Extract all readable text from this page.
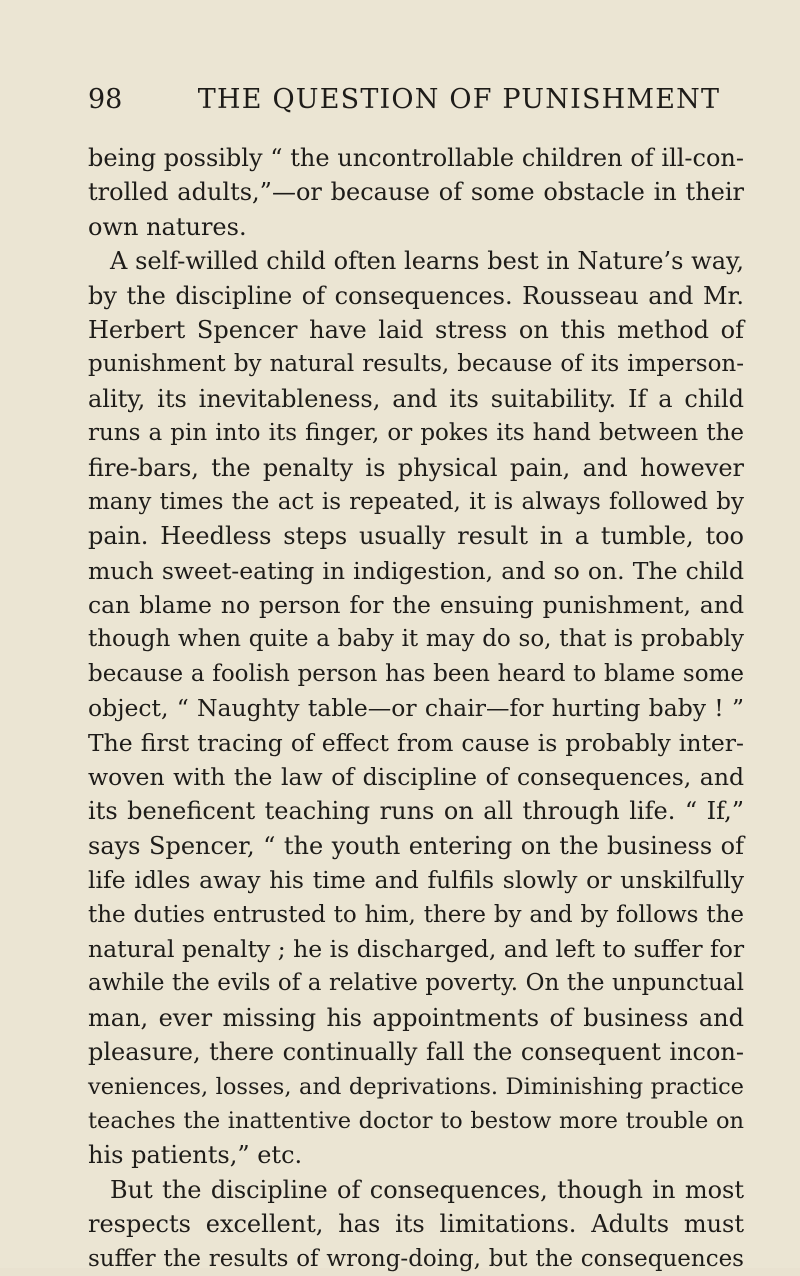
98	THE QUESTION OF PUNISHMENT
being possibly “ the uncontrollable children of ill-con-
trolled adults,”—or because of some obstacle in their
own natures.
A self-willed child often learns best in Nature’s way,
by the discipline of consequences. Rousseau and Mr.
Herbert Spencer have laid stress on this method of
punishment by natural results, because of its imperson-
ality, its inevitableness, and its suitability. If a child
runs a pin into its finger, or pokes its hand between the
fire-bars, the penalty is physical pain, and however
many times the act is repeated, it is always followed by
pain. Heedless steps usually result in a tumble, too
much sweet-eating in indigestion, and so on. The child
can blame no person for the ensuing punishment, and
though when quite a baby it may do so, that is probably
because a foolish person has been heard to blame some
object, “ Naughty table—or chair—for hurting baby ! ”
The first tracing of effect from cause is probably inter-
woven with the law of discipline of consequences, and
its beneficent teaching runs on all through life. “ If,”
says Spencer, “ the youth entering on the business of
life idles away his time and fulfils slowly or unskilfully
the duties entrusted to him, there by and by follows the
natural penalty ; he is discharged, and left to suffer for
awhile the evils of a relative poverty. On the unpunctual
man, ever missing his appointments of business and
pleasure, there continually fall the consequent incon-
veniences, losses, and deprivations. Diminishing practice
teaches the inattentive doctor to bestow more trouble on
his patients,” etc.
But the discipline of consequences, though in most
respects excellent, has its limitations. Adults must
suffer the results of wrong-doing, but the consequences
